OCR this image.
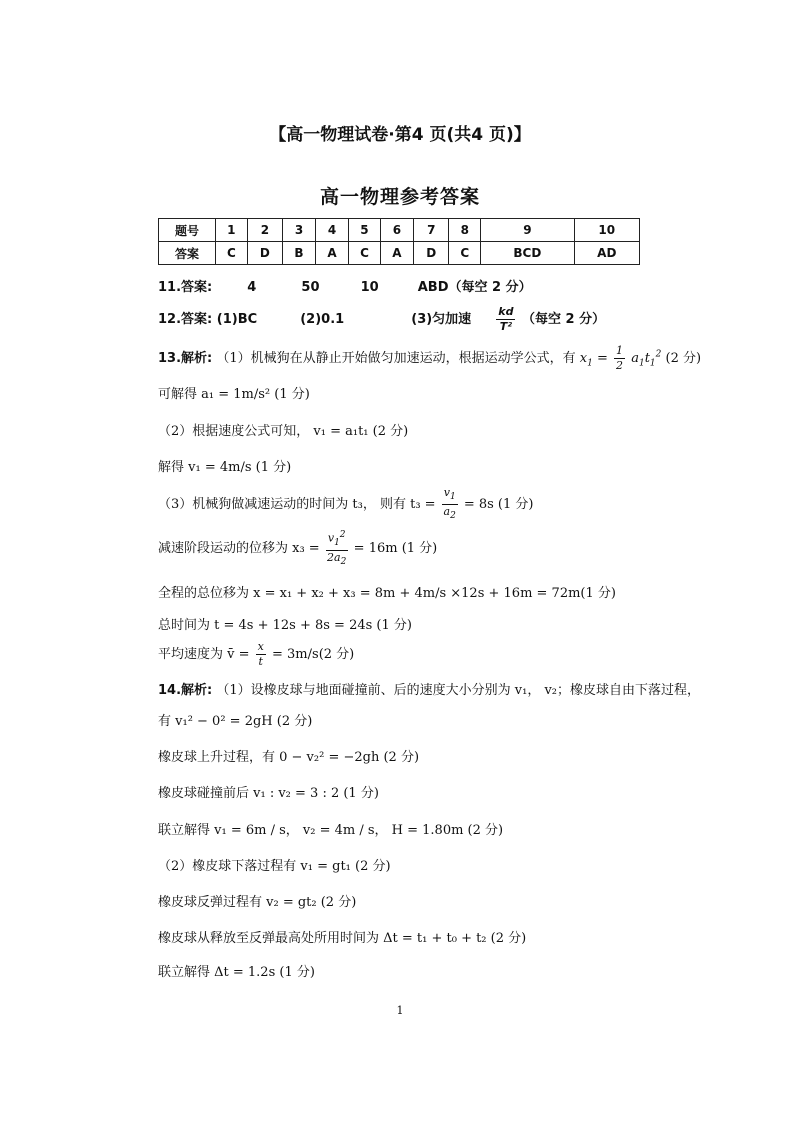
【高一物理试卷·第4 页(共4 页)】
高一物理参考答案
题号	1	2	3	4	5	6	7	8	9	10
答案	C	D	B	A	C	A	D	C	BCD	AD
11.答案:	4	50	10	ABD（每空 2 分）
12.答案: (1)BC	(2)0.1	(3)匀加速 $\frac{kd}{\text{T²}}$ （每空 2 分）
13.解析: （1）机械狗在从静止开始做匀加速运动，根据运动学公式，有 $x_1 = \frac{1}{2} a_1t_1^2$ (2 分)
可解得 a₁ = 1m/s² (1 分)
（2）根据速度公式可知， v₁ = a₁t₁ (2 分)
解得 v₁ = 4m/s (1 分)
（3）机械狗做减速运动的时间为 t₃， 则有 $t_3 = \frac{v_1}{a_2} = 8s$ (1 分)
减速阶段运动的位移为 $x_3 = \frac{v_1^2}{2a_2} = 16m$ (1 分)
全程的总位移为 x = x₁ + x₂ + x₃ = 8m + 4m/s ×12s + 16m = 72m(1 分)
总时间为 t = 4s + 12s + 8s = 24s (1 分)
平均速度为 v̄ = $\frac{x}{t} = 3m/s(2$ 分)
14.解析: （1）设橡皮球与地面碰撞前、后的速度大小分别为 v₁， v₂；橡皮球自由下落过程，
有 v₁² − 0² = 2gH (2 分)
橡皮球上升过程，有 0 − v₂² = −2gh (2 分)
橡皮球碰撞前后 v₁ : v₂ = 3 : 2 (1 分)
联立解得 v₁ = 6m / s， v₂ = 4m / s， H = 1.80m (2 分)
（2）橡皮球下落过程有 v₁ = gt₁ (2 分)
橡皮球反弹过程有 v₂ = gt₂ (2 分)
橡皮球从释放至反弹最高处所用时间为 Δt = t₁ + t₀ + t₂ (2 分)
联立解得 Δt = 1.2s (1 分)
1
